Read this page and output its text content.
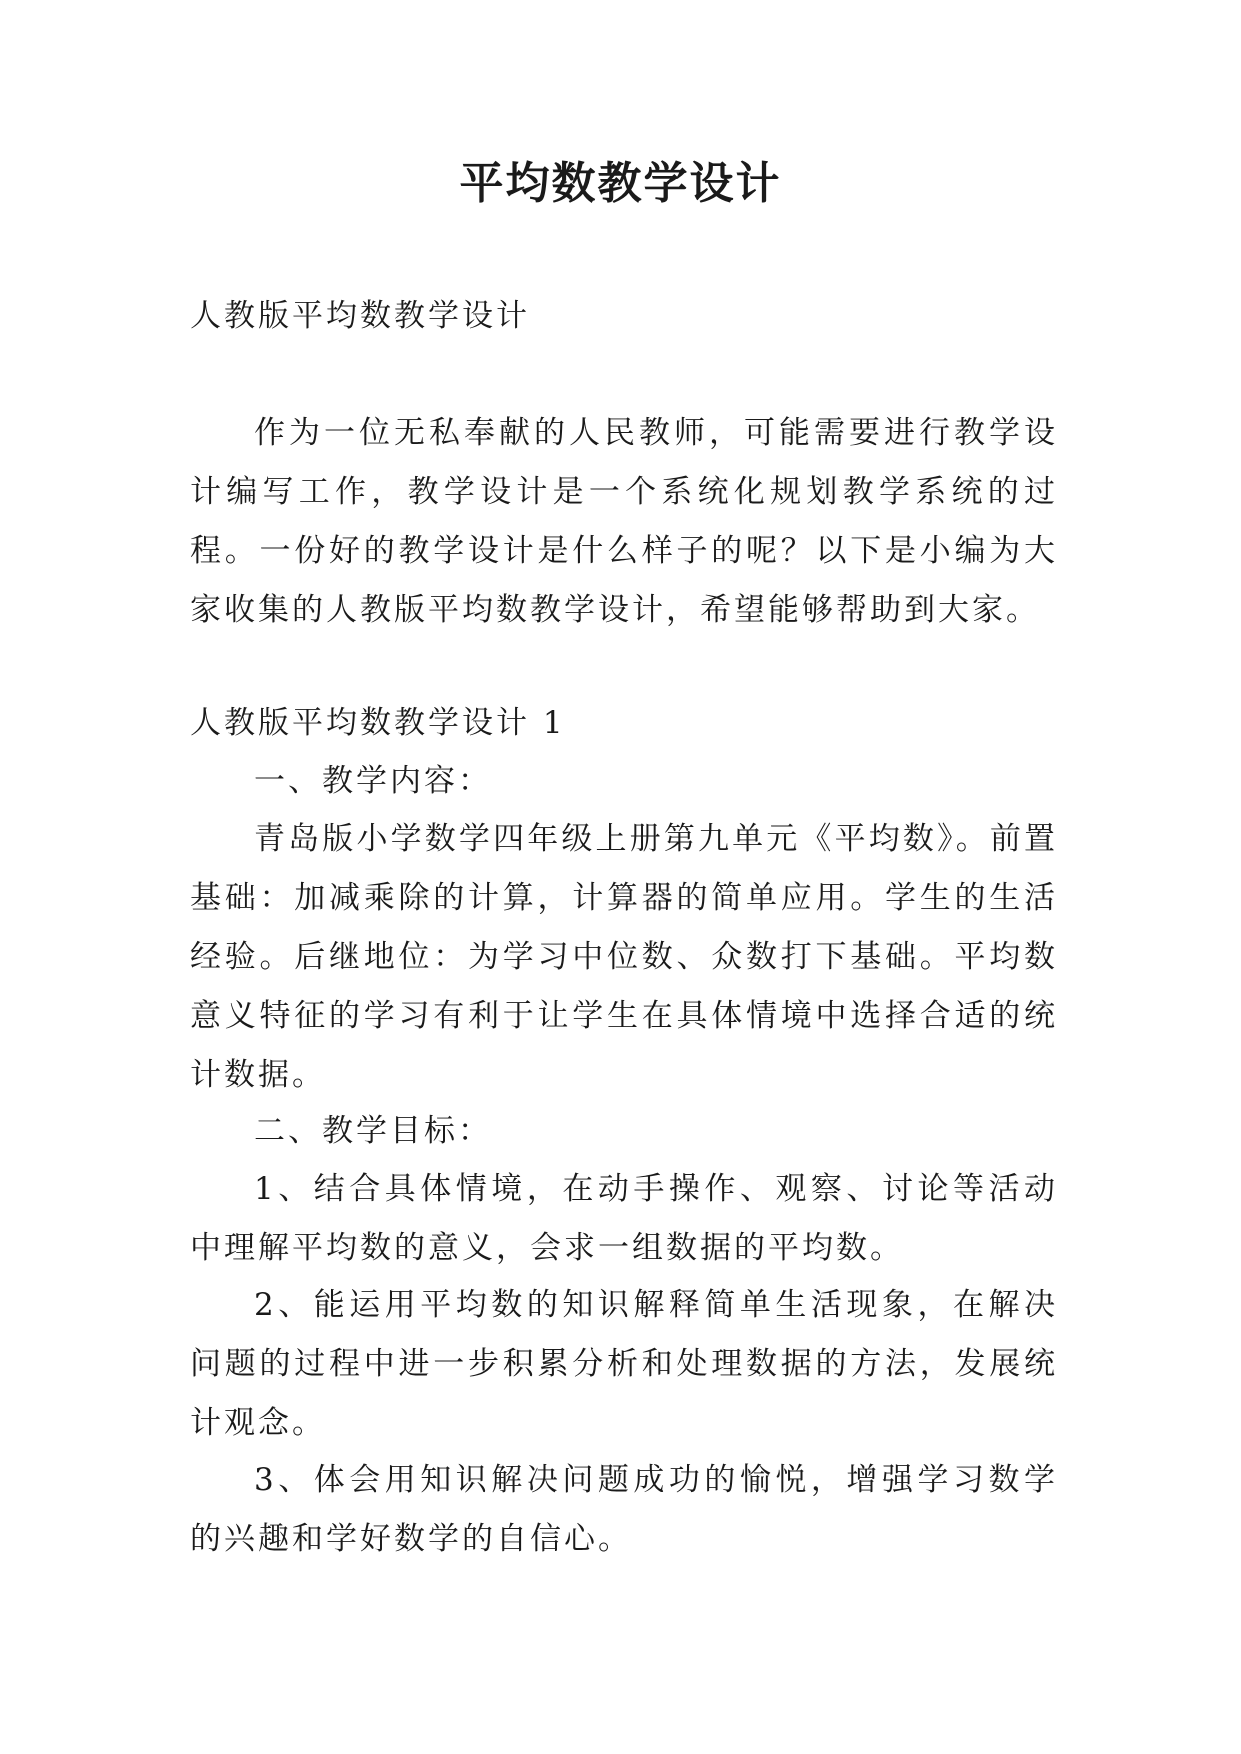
平均数教学设计

人教版平均数教学设计

作为一位无私奉献的人民教师，可能需要进行教学设计编写工作，教学设计是一个系统化规划教学系统的过程。一份好的教学设计是什么样子的呢？以下是小编为大家收集的人教版平均数教学设计，希望能够帮助到大家。

人教版平均数教学设计 1

一、教学内容：

青岛版小学数学四年级上册第九单元《平均数》。前置基础：加减乘除的计算，计算器的简单应用。学生的生活经验。后继地位：为学习中位数、众数打下基础。平均数意义特征的学习有利于让学生在具体情境中选择合适的统计数据。

二、教学目标：

1、结合具体情境，在动手操作、观察、讨论等活动中理解平均数的意义，会求一组数据的平均数。

2、能运用平均数的知识解释简单生活现象，在解决问题的过程中进一步积累分析和处理数据的方法，发展统计观念。

3、体会用知识解决问题成功的愉悦，增强学习数学的兴趣和学好数学的自信心。
